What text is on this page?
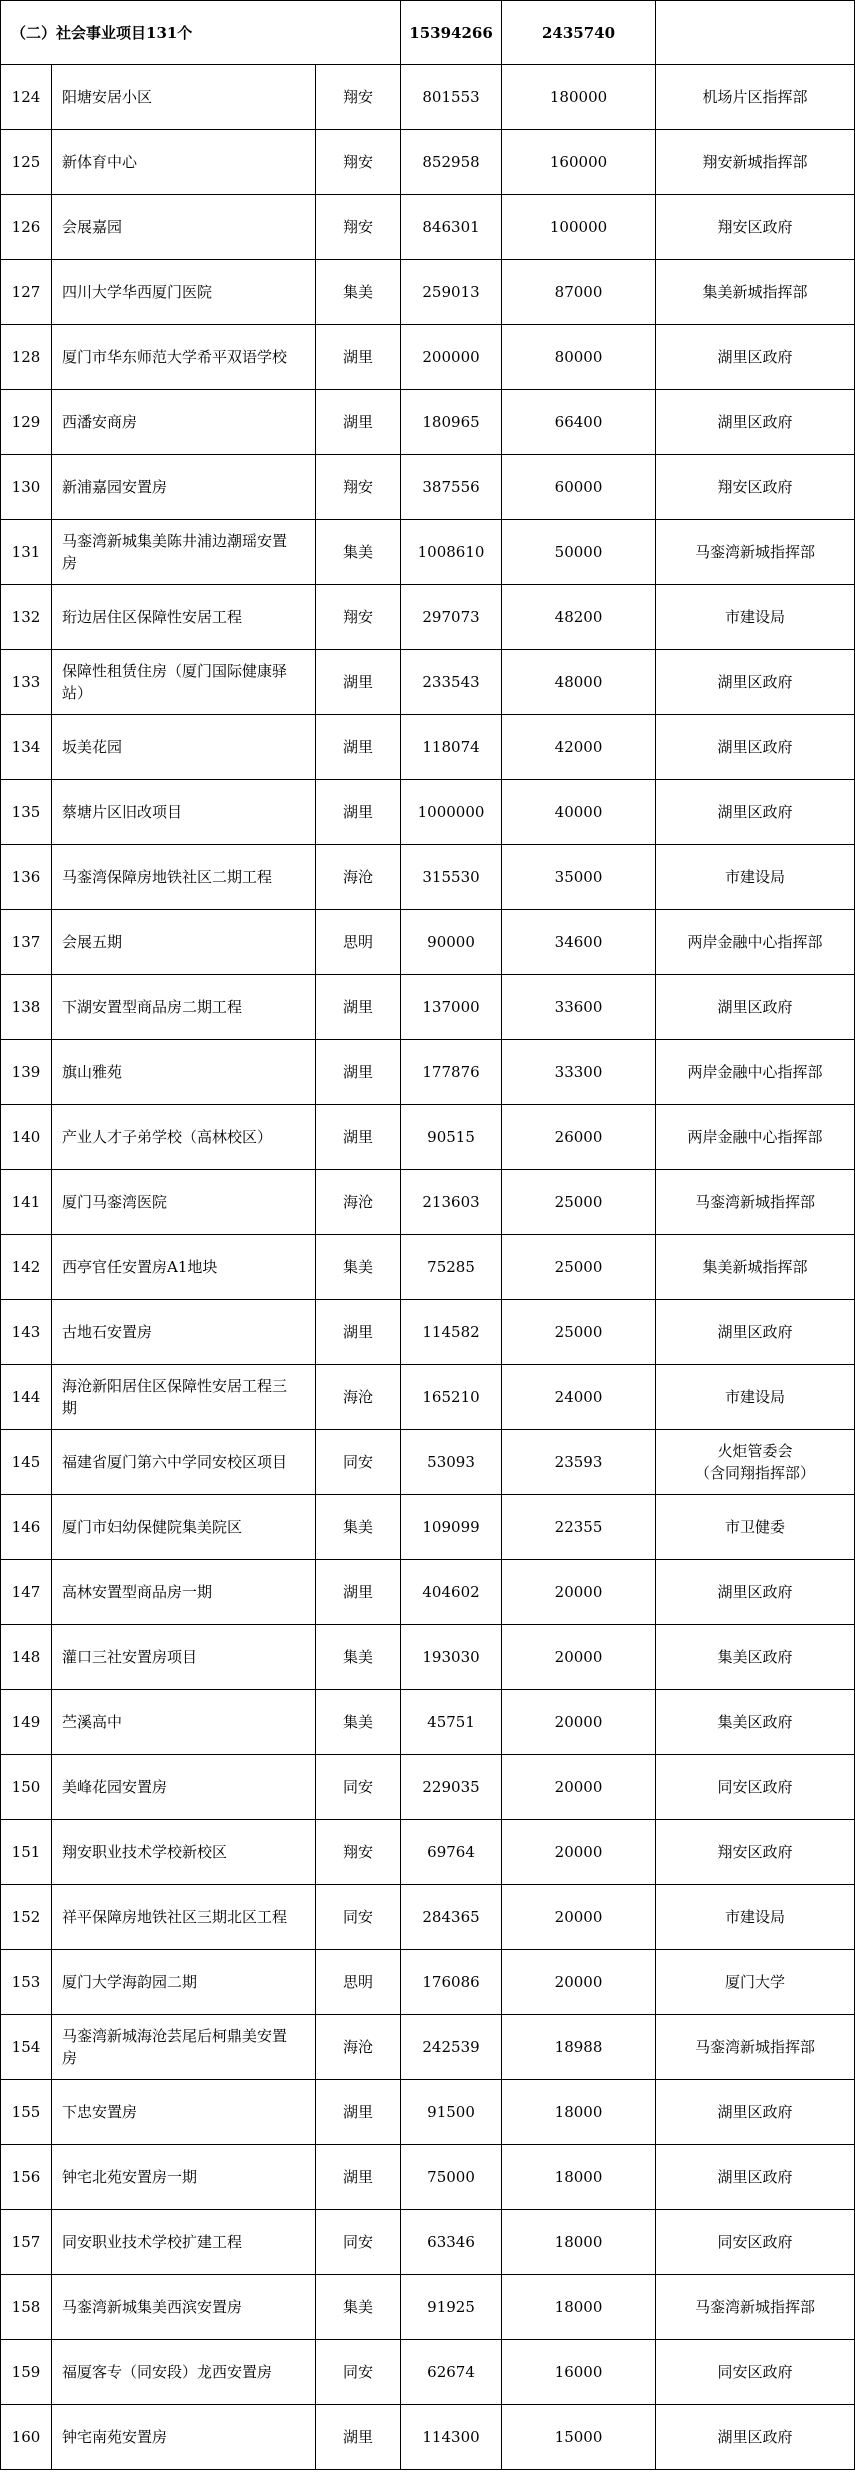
（二）社会事业项目131个			15394266	2435740	
124	阳塘安居小区	翔安	801553	180000	机场片区指挥部
125	新体育中心	翔安	852958	160000	翔安新城指挥部
126	会展嘉园	翔安	846301	100000	翔安区政府
127	四川大学华西厦门医院	集美	259013	87000	集美新城指挥部
128	厦门市华东师范大学希平双语学校	湖里	200000	80000	湖里区政府
129	西潘安商房	湖里	180965	66400	湖里区政府
130	新浦嘉园安置房	翔安	387556	60000	翔安区政府
131	马銮湾新城集美陈井浦边潮瑶安置房	集美	1008610	50000	马銮湾新城指挥部
132	珩边居住区保障性安居工程	翔安	297073	48200	市建设局
133	保障性租赁住房（厦门国际健康驿站）	湖里	233543	48000	湖里区政府
134	坂美花园	湖里	118074	42000	湖里区政府
135	蔡塘片区旧改项目	湖里	1000000	40000	湖里区政府
136	马銮湾保障房地铁社区二期工程	海沧	315530	35000	市建设局
137	会展五期	思明	90000	34600	两岸金融中心指挥部
138	下湖安置型商品房二期工程	湖里	137000	33600	湖里区政府
139	旗山雅苑	湖里	177876	33300	两岸金融中心指挥部
140	产业人才子弟学校（高林校区）	湖里	90515	26000	两岸金融中心指挥部
141	厦门马銮湾医院	海沧	213603	25000	马銮湾新城指挥部
142	西亭官任安置房A1地块	集美	75285	25000	集美新城指挥部
143	古地石安置房	湖里	114582	25000	湖里区政府
144	海沧新阳居住区保障性安居工程三期	海沧	165210	24000	市建设局
145	福建省厦门第六中学同安校区项目	同安	53093	23593	火炬管委会
（含同翔指挥部）

146	厦门市妇幼保健院集美院区	集美	109099	22355	市卫健委
147	高林安置型商品房一期	湖里	404602	20000	湖里区政府
148	灌口三社安置房项目	集美	193030	20000	集美区政府
149	苎溪高中	集美	45751	20000	集美区政府
150	美峰花园安置房	同安	229035	20000	同安区政府
151	翔安职业技术学校新校区	翔安	69764	20000	翔安区政府
152	祥平保障房地铁社区三期北区工程	同安	284365	20000	市建设局
153	厦门大学海韵园二期	思明	176086	20000	厦门大学
154	马銮湾新城海沧芸尾后柯鼎美安置房	海沧	242539	18988	马銮湾新城指挥部
155	下忠安置房	湖里	91500	18000	湖里区政府
156	钟宅北苑安置房一期	湖里	75000	18000	湖里区政府
157	同安职业技术学校扩建工程	同安	63346	18000	同安区政府
158	马銮湾新城集美西滨安置房	集美	91925	18000	马銮湾新城指挥部
159	福厦客专（同安段）龙西安置房	同安	62674	16000	同安区政府
160	钟宅南苑安置房	湖里	114300	15000	湖里区政府
